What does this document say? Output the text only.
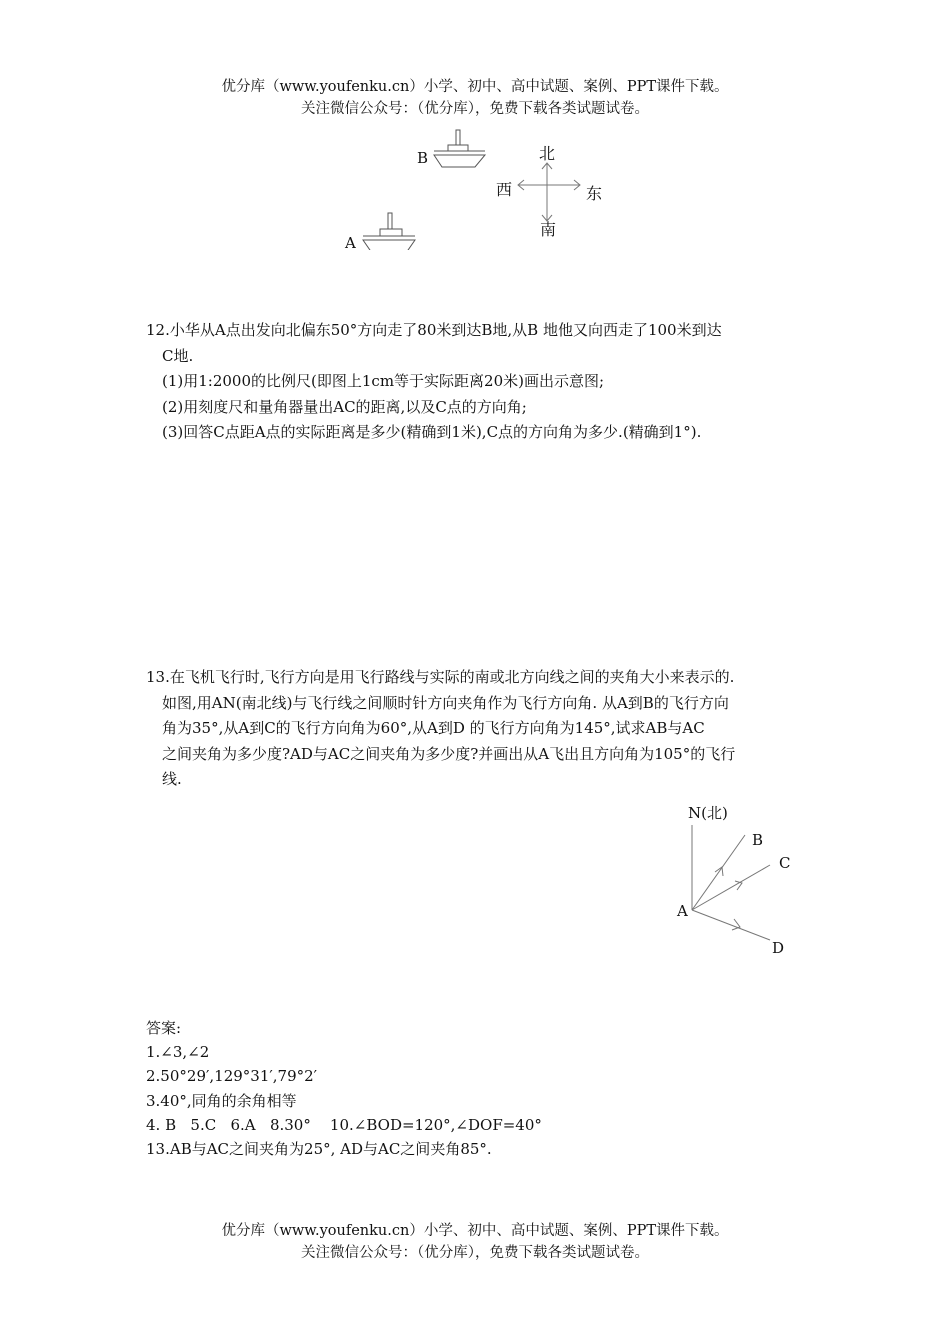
优分库（www.youfenku.cn）小学、初中、高中试题、案例、PPT课件下载。
关注微信公众号：（优分库），免费下载各类试题试卷。
B
A
北
西	东
南
12.小华从A点出发向北偏东50°方向走了80米到达B地,从B 地他又向西走了100米到达
C地.
(1)用1:2000的比例尺(即图上1cm等于实际距离20米)画出示意图;
(2)用刻度尺和量角器量出AC的距离,以及C点的方向角;
(3)回答C点距A点的实际距离是多少(精确到1米),C点的方向角为多少.(精确到1°).
13.在飞机飞行时,飞行方向是用飞行路线与实际的南或北方向线之间的夹角大小来表示的.
如图,用AN(南北线)与飞行线之间顺时针方向夹角作为飞行方向角. 从A到B的飞行方向
角为35°,从A到C的飞行方向角为60°,从A到D 的飞行方向角为145°,试求AB与AC
之间夹角为多少度?AD与AC之间夹角为多少度?并画出从A飞出且方向角为105°的飞行
线.
N(北)
B
C
A
D
答案:
1.∠3,∠2
2.50°29′,129°31′,79°2′
3.40°,同角的余角相等
4. B   5.C   6.A   8.30°    10.∠BOD=120°,∠DOF=40°
13.AB与AC之间夹角为25°, AD与AC之间夹角85°.
优分库（www.youfenku.cn）小学、初中、高中试题、案例、PPT课件下载。
关注微信公众号：（优分库），免费下载各类试题试卷。
